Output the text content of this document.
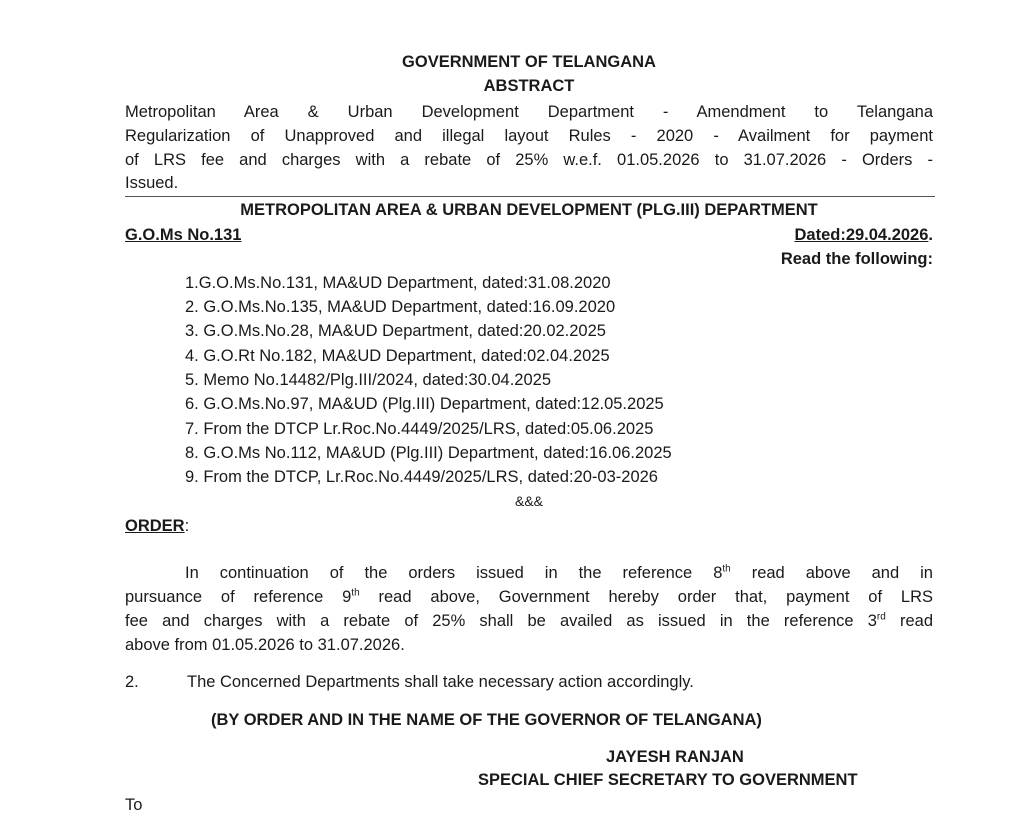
GOVERNMENT OF TELANGANA
ABSTRACT
Metropolitan Area & Urban Development Department - Amendment to Telangana
Regularization of Unapproved and illegal layout Rules - 2020 - Availment for payment
of LRS fee and charges with a rebate of 25% w.e.f. 01.05.2026 to 31.07.2026 - Orders -
Issued.
METROPOLITAN AREA & URBAN DEVELOPMENT (PLG.III) DEPARTMENT
G.O.Ms No.131	Dated:29.04.2026.
Read the following:
1.G.O.Ms.No.131, MA&UD Department, dated:31.08.2020
2. G.O.Ms.No.135, MA&UD Department, dated:16.09.2020
3. G.O.Ms.No.28, MA&UD Department, dated:20.02.2025
4. G.O.Rt No.182, MA&UD Department, dated:02.04.2025
5. Memo No.14482/Plg.III/2024, dated:30.04.2025
6. G.O.Ms.No.97, MA&UD (Plg.III) Department, dated:12.05.2025
7. From the DTCP Lr.Roc.No.4449/2025/LRS, dated:05.06.2025
8. G.O.Ms No.112, MA&UD (Plg.III) Department, dated:16.06.2025
9. From the DTCP, Lr.Roc.No.4449/2025/LRS, dated:20-03-2026
&&&
ORDER:
In continuation of the orders issued in the reference 8th read above and in
pursuance of reference 9th read above, Government hereby order that, payment of LRS
fee and charges with a rebate of 25% shall be availed as issued in the reference 3rd read
above from 01.05.2026 to 31.07.2026.
2.	The Concerned Departments shall take necessary action accordingly.
(BY ORDER AND IN THE NAME OF THE GOVERNOR OF TELANGANA)
JAYESH RANJAN
SPECIAL CHIEF SECRETARY TO GOVERNMENT
To
